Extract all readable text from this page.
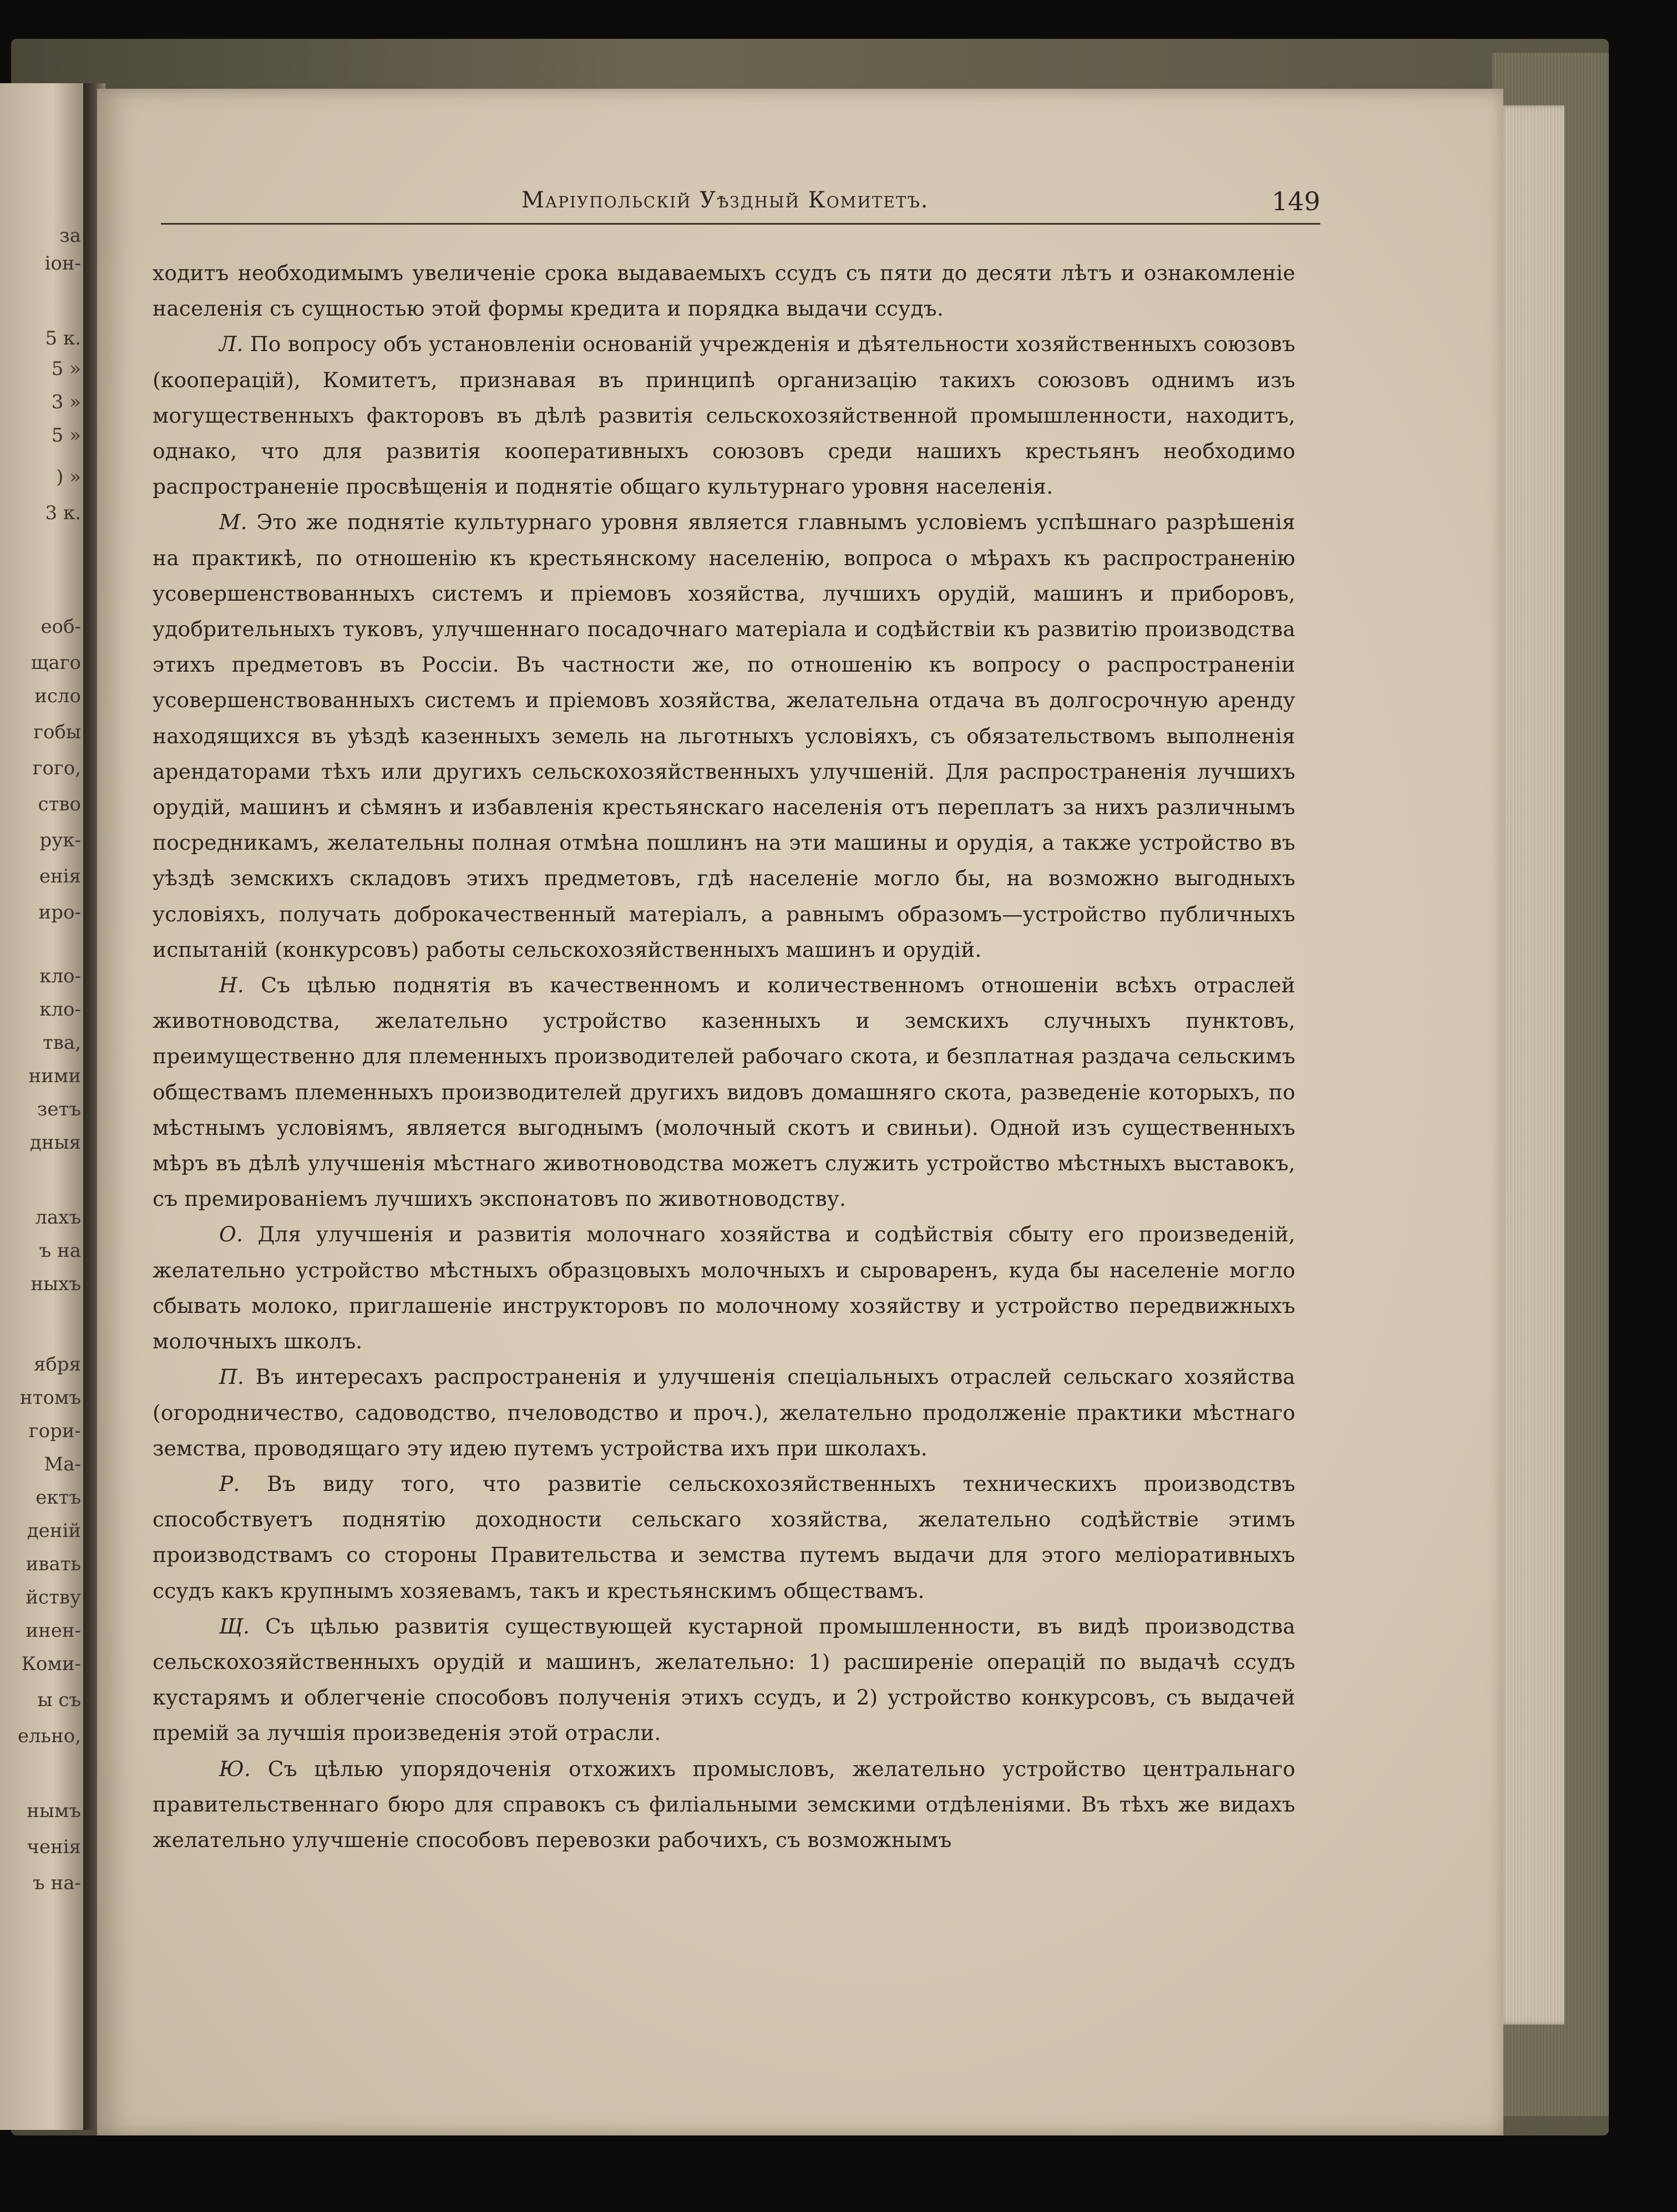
за
іон-
5 к.
5 »
3 »
5 »
) »
3 к.
еоб-
щаго
исло
гобы
гого,
ство
рук-
енія
иро-
кло-
кло-
тва,
ними
зетъ
дныя
лахъ
ъ на
ныхъ
ября
нтомъ
гори-
Ма-
ектъ
деній
ивать
йству
инен-
Коми-
ы съ
ельно,
нымъ
ченія
ъ на-
Маріупольскій Уѣздный Комитетъ.	149

ходитъ необходимымъ увеличеніе срока выдаваемыхъ ссудъ съ пяти до десяти лѣтъ и ознакомленіе населенія съ сущностью этой формы кредита и порядка выдачи ссудъ.

Л. По вопросу объ установленіи основаній учрежденія и дѣятельности хозяйственныхъ союзовъ (кооперацій), Комитетъ, признавая въ принципѣ организацію такихъ союзовъ однимъ изъ могущественныхъ факторовъ въ дѣлѣ развитія сельскохозяйственной промышленности, находитъ, однако, что для развитія кооперативныхъ союзовъ среди нашихъ крестьянъ необходимо распространеніе просвѣщенія и поднятіе общаго культурнаго уровня населенія.

М. Это же поднятіе культурнаго уровня является главнымъ условіемъ успѣшнаго разрѣшенія на практикѣ, по отношенію къ крестьянскому населенію, вопроса о мѣрахъ къ распространенію усовершенствованныхъ системъ и пріемовъ хозяйства, лучшихъ орудій, машинъ и приборовъ, удобрительныхъ туковъ, улучшеннаго посадочнаго матеріала и содѣйствіи къ развитію производства этихъ предметовъ въ Россіи. Въ частности же, по отношенію къ вопросу о распространеніи усовершенствованныхъ системъ и пріемовъ хозяйства, желательна отдача въ долгосрочную аренду находящихся въ уѣздѣ казенныхъ земель на льготныхъ условіяхъ, съ обязательствомъ выполненія арендаторами тѣхъ или другихъ сельскохозяйственныхъ улучшеній. Для распространенія лучшихъ орудій, машинъ и сѣмянъ и избавленія крестьянскаго населенія отъ переплатъ за нихъ различнымъ посредникамъ, желательны полная отмѣна пошлинъ на эти машины и орудія, а также устройство въ уѣздѣ земскихъ складовъ этихъ предметовъ, гдѣ населеніе могло бы, на возможно выгодныхъ условіяхъ, получать доброкачественный матеріалъ, а равнымъ образомъ—устройство публичныхъ испытаній (конкурсовъ) работы сельскохозяйственныхъ машинъ и орудій.

Н. Съ цѣлью поднятія въ качественномъ и количественномъ отношеніи всѣхъ отраслей животноводства, желательно устройство казенныхъ и земскихъ случныхъ пунктовъ, преимущественно для племенныхъ производителей рабочаго скота, и безплатная раздача сельскимъ обществамъ племенныхъ производителей другихъ видовъ домашняго скота, разведеніе которыхъ, по мѣстнымъ условіямъ, является выгоднымъ (молочный скотъ и свиньи). Одной изъ существенныхъ мѣръ въ дѣлѣ улучшенія мѣстнаго животноводства можетъ служить устройство мѣстныхъ выставокъ, съ премированіемъ лучшихъ экспонатовъ по животноводству.

О. Для улучшенія и развитія молочнаго хозяйства и содѣйствія сбыту его произведеній, желательно устройство мѣстныхъ образцовыхъ молочныхъ и сыроваренъ, куда бы населеніе могло сбывать молоко, приглашеніе инструкторовъ по молочному хозяйству и устройство передвижныхъ молочныхъ школъ.

П. Въ интересахъ распространенія и улучшенія спеціальныхъ отраслей сельскаго хозяйства (огородничество, садоводство, пчеловодство и проч.), желательно продолженіе практики мѣстнаго земства, проводящаго эту идею путемъ устройства ихъ при школахъ.

Р. Въ виду того, что развитіе сельскохозяйственныхъ техническихъ производствъ способствуетъ поднятію доходности сельскаго хозяйства, желательно содѣйствіе этимъ производствамъ со стороны Правительства и земства путемъ выдачи для этого меліоративныхъ ссудъ какъ крупнымъ хозяевамъ, такъ и крестьянскимъ обществамъ.

Щ. Съ цѣлью развитія существующей кустарной промышленности, въ видѣ производства сельскохозяйственныхъ орудій и машинъ, желательно: 1) расширеніе операцій по выдачѣ ссудъ кустарямъ и облегченіе способовъ полученія этихъ ссудъ, и 2) устройство конкурсовъ, съ выдачей премій за лучшія произведенія этой отрасли.

Ю. Съ цѣлью упорядоченія отхожихъ промысловъ, желательно устройство центральнаго правительственнаго бюро для справокъ съ филіальными земскими отдѣленіями. Въ тѣхъ же видахъ желательно улучшеніе способовъ перевозки рабочихъ, съ возможнымъ
